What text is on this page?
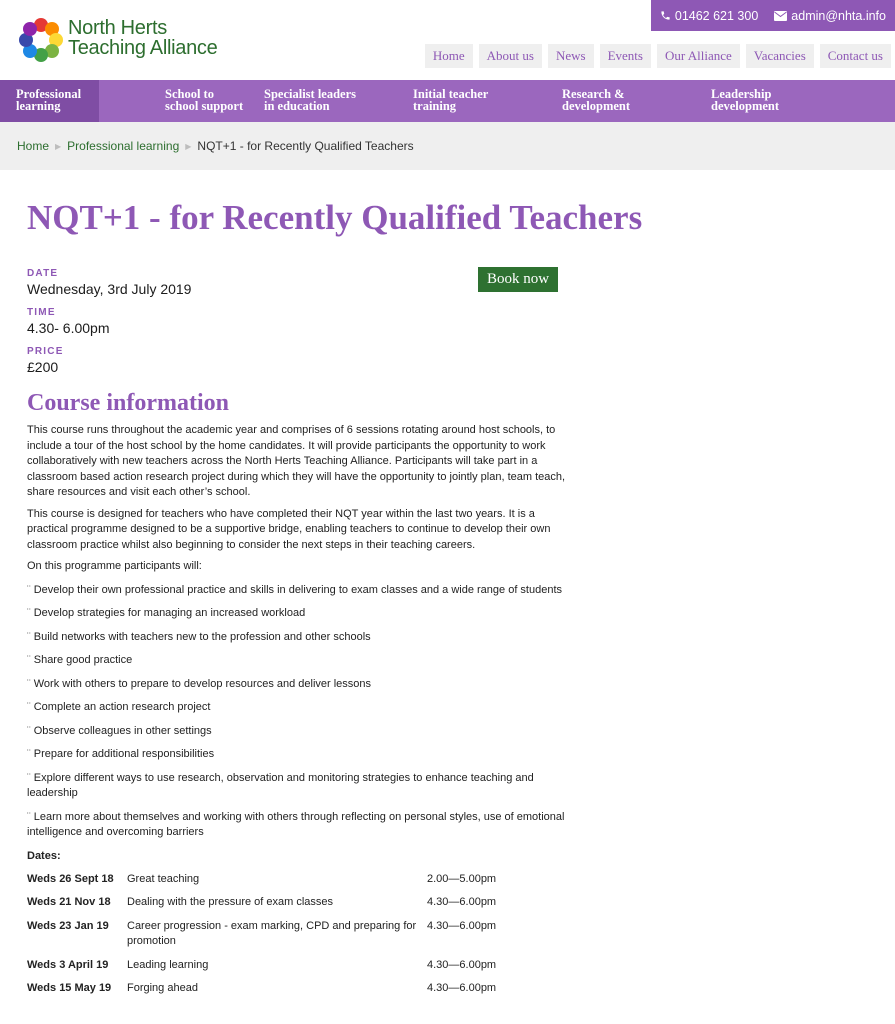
North Herts
Teaching Alliance
01462 621 300	admin@nhta.info
Home	About us	News	Events	Our Alliance	Vacancies	Contact us
Professional
learning
School to
school support
Specialist leaders
in education
Initial teacher
training
Research &
development
Leadership
development
Home ▶ Professional learning ▶ NQT+1 - for Recently Qualified Teachers
Book now
NQT+1 - for Recently Qualified Teachers
DATE
Wednesday, 3rd July 2019
TIME
4.30- 6.00pm
PRICE
£200
Course information

This course runs throughout the academic year and comprises of 6 sessions rotating around host schools, to include a tour of the host school by the home candidates. It will provide participants the opportunity to work collaboratively with new teachers across the North Herts Teaching Alliance. Participants will take part in a classroom based action research project during which they will have the opportunity to jointly plan, team teach, share resources and visit each other’s school.

This course is designed for teachers who have completed their NQT year within the last two years. It is a practical programme designed to be a supportive bridge, enabling teachers to continue to develop their own classroom practice whilst also beginning to consider the next steps in their teaching careers.

On this programme participants will:

¨ Develop their own professional practice and skills in delivering to exam classes and a wide range of students
¨ Develop strategies for managing an increased workload
¨ Build networks with teachers new to the profession and other schools
¨ Share good practice
¨ Work with others to prepare to develop resources and deliver lessons
¨ Complete an action research project
¨ Observe colleagues in other settings
¨ Prepare for additional responsibilities
¨ Explore different ways to use research, observation and monitoring strategies to enhance teaching and leadership
¨ Learn more about themselves and working with others through reflecting on personal styles, use of emotional intelligence and overcoming barriers
Dates:
Weds 26 Sept 18	Great teaching	2.00—5.00pm
Weds 21 Nov 18	Dealing with the pressure of exam classes	4.30—6.00pm
Weds 23 Jan 19	Career progression - exam marking, CPD and preparing for promotion	4.30—6.00pm
Weds 3 April 19	Leading learning	4.30—6.00pm
Weds 15 May 19	Forging ahead	4.30—6.00pm
